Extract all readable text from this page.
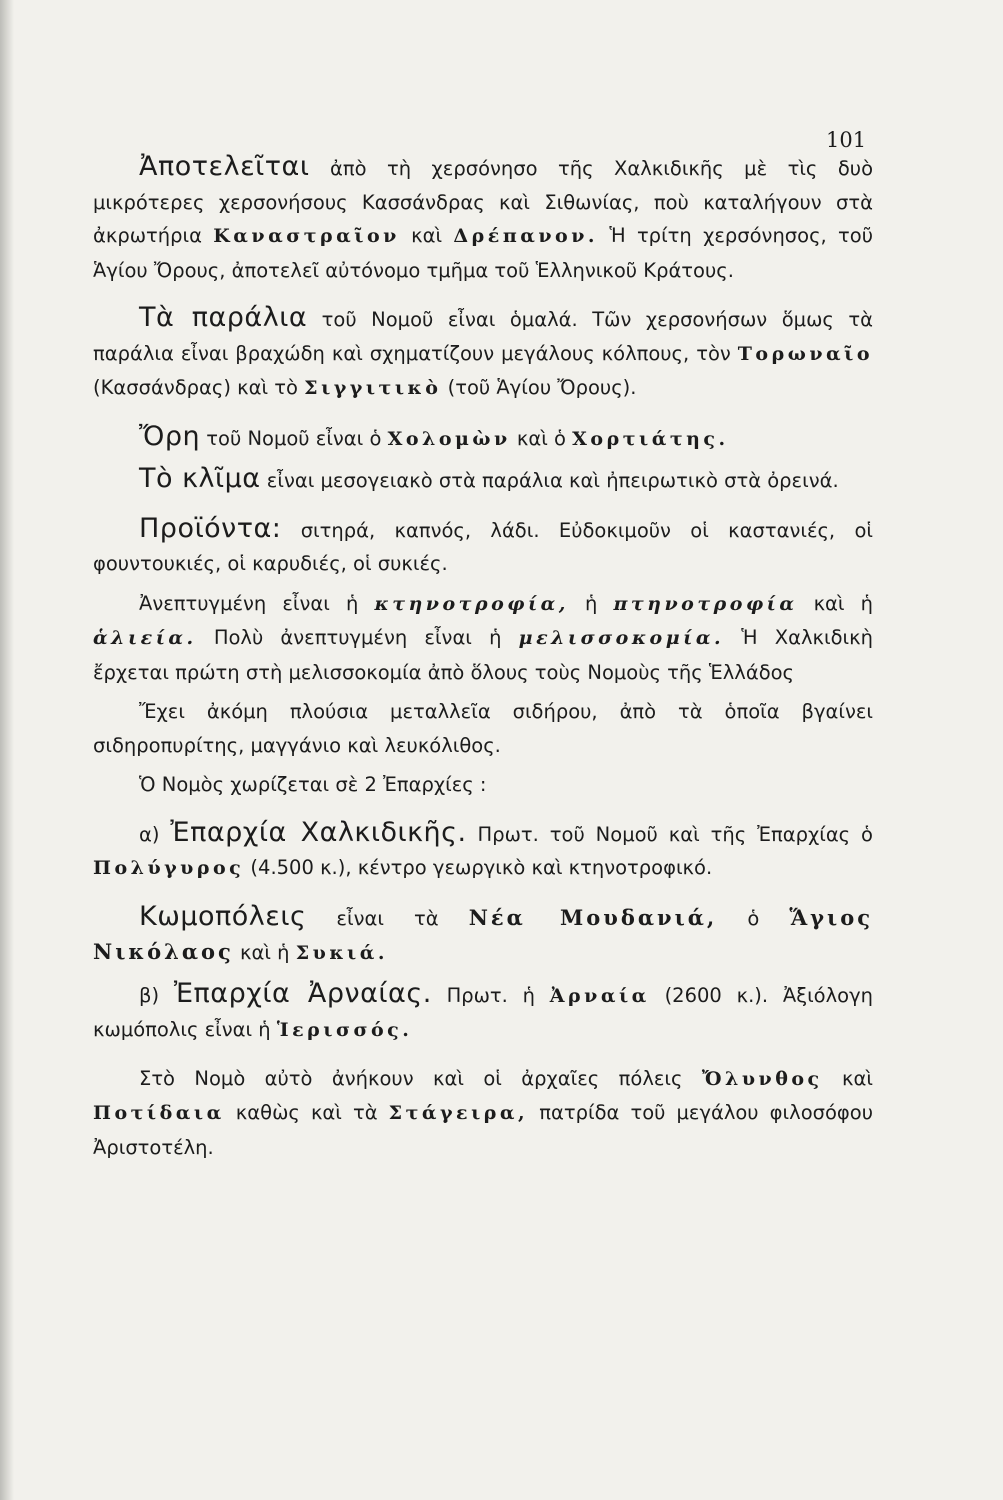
101

Ἀποτελεῖται ἀπὸ τὴ χερσόνησο τῆς Χαλκιδικῆς μὲ τὶς δυὸ μικρότερες χερσονήσους Κασσάνδρας καὶ Σιθωνίας, ποὺ καταλήγουν στὰ ἀκρωτήρια Καναστραῖον καὶ Δρέπανον. Ἡ τρίτη χερσόνησος, τοῦ Ἁγίου Ὄρους, ἀποτελεῖ αὐτόνομο τμῆμα τοῦ Ἑλληνικοῦ Κράτους.

Τὰ παράλια τοῦ Νομοῦ εἶναι ὁμαλά. Τῶν χερσονήσων ὅμως τὰ παράλια εἶναι βραχώδη καὶ σχηματίζουν μεγάλους κόλπους, τὸν Τορωναῖο (Κασσάνδρας) καὶ τὸ Σιγγιτικὸ (τοῦ Ἁγίου Ὄρους).

Ὄρη τοῦ Νομοῦ εἶναι ὁ Χολομὼν καὶ ὁ Χορτιάτης.

Τὸ κλῖμα εἶναι μεσογειακὸ στὰ παράλια καὶ ἠπειρωτικὸ στὰ ὀρεινά.

Προϊόντα: σιτηρά, καπνός, λάδι. Εὐδοκιμοῦν οἱ καστανιές, οἱ φουντουκιές, οἱ καρυδιές, οἱ συκιές.

Ἀνεπτυγμένη εἶναι ἡ κτηνοτροφία, ἡ πτηνοτροφία καὶ ἡ ἁλιεία. Πολὺ ἀνεπτυγμένη εἶναι ἡ μελισσοκομία. Ἡ Χαλκιδικὴ ἔρχεται πρώτη στὴ μελισσοκομία ἀπὸ ὅλους τοὺς Νομοὺς τῆς Ἑλλάδος

Ἔχει ἀκόμη πλούσια μεταλλεῖα σιδήρου, ἀπὸ τὰ ὁποῖα βγαίνει σιδηροπυρίτης, μαγγάνιο καὶ λευκόλιθος.

Ὁ Νομὸς χωρίζεται σὲ 2 Ἐπαρχίες :

α) Ἐπαρχία Χαλκιδικῆς. Πρωτ. τοῦ Νομοῦ καὶ τῆς Ἐπαρχίας ὁ Πολύγυρος (4.500 κ.), κέντρο γεωργικὸ καὶ κτηνοτροφικό.

Κωμοπόλεις εἶναι τὰ Νέα Μουδανιά, ὁ Ἅγιος Νικόλαος καὶ ἡ Συκιά.

β) Ἐπαρχία Ἀρναίας. Πρωτ. ἡ Ἀρναία (2600 κ.). Ἀξιόλογη κωμόπολις εἶναι ἡ Ἱερισσός.

Στὸ Νομὸ αὐτὸ ἀνήκουν καὶ οἱ ἀρχαῖες πόλεις Ὄλυνθος καὶ Ποτίδαια καθὼς καὶ τὰ Στάγειρα, πατρίδα τοῦ μεγάλου φιλοσόφου Ἀριστοτέλη.
